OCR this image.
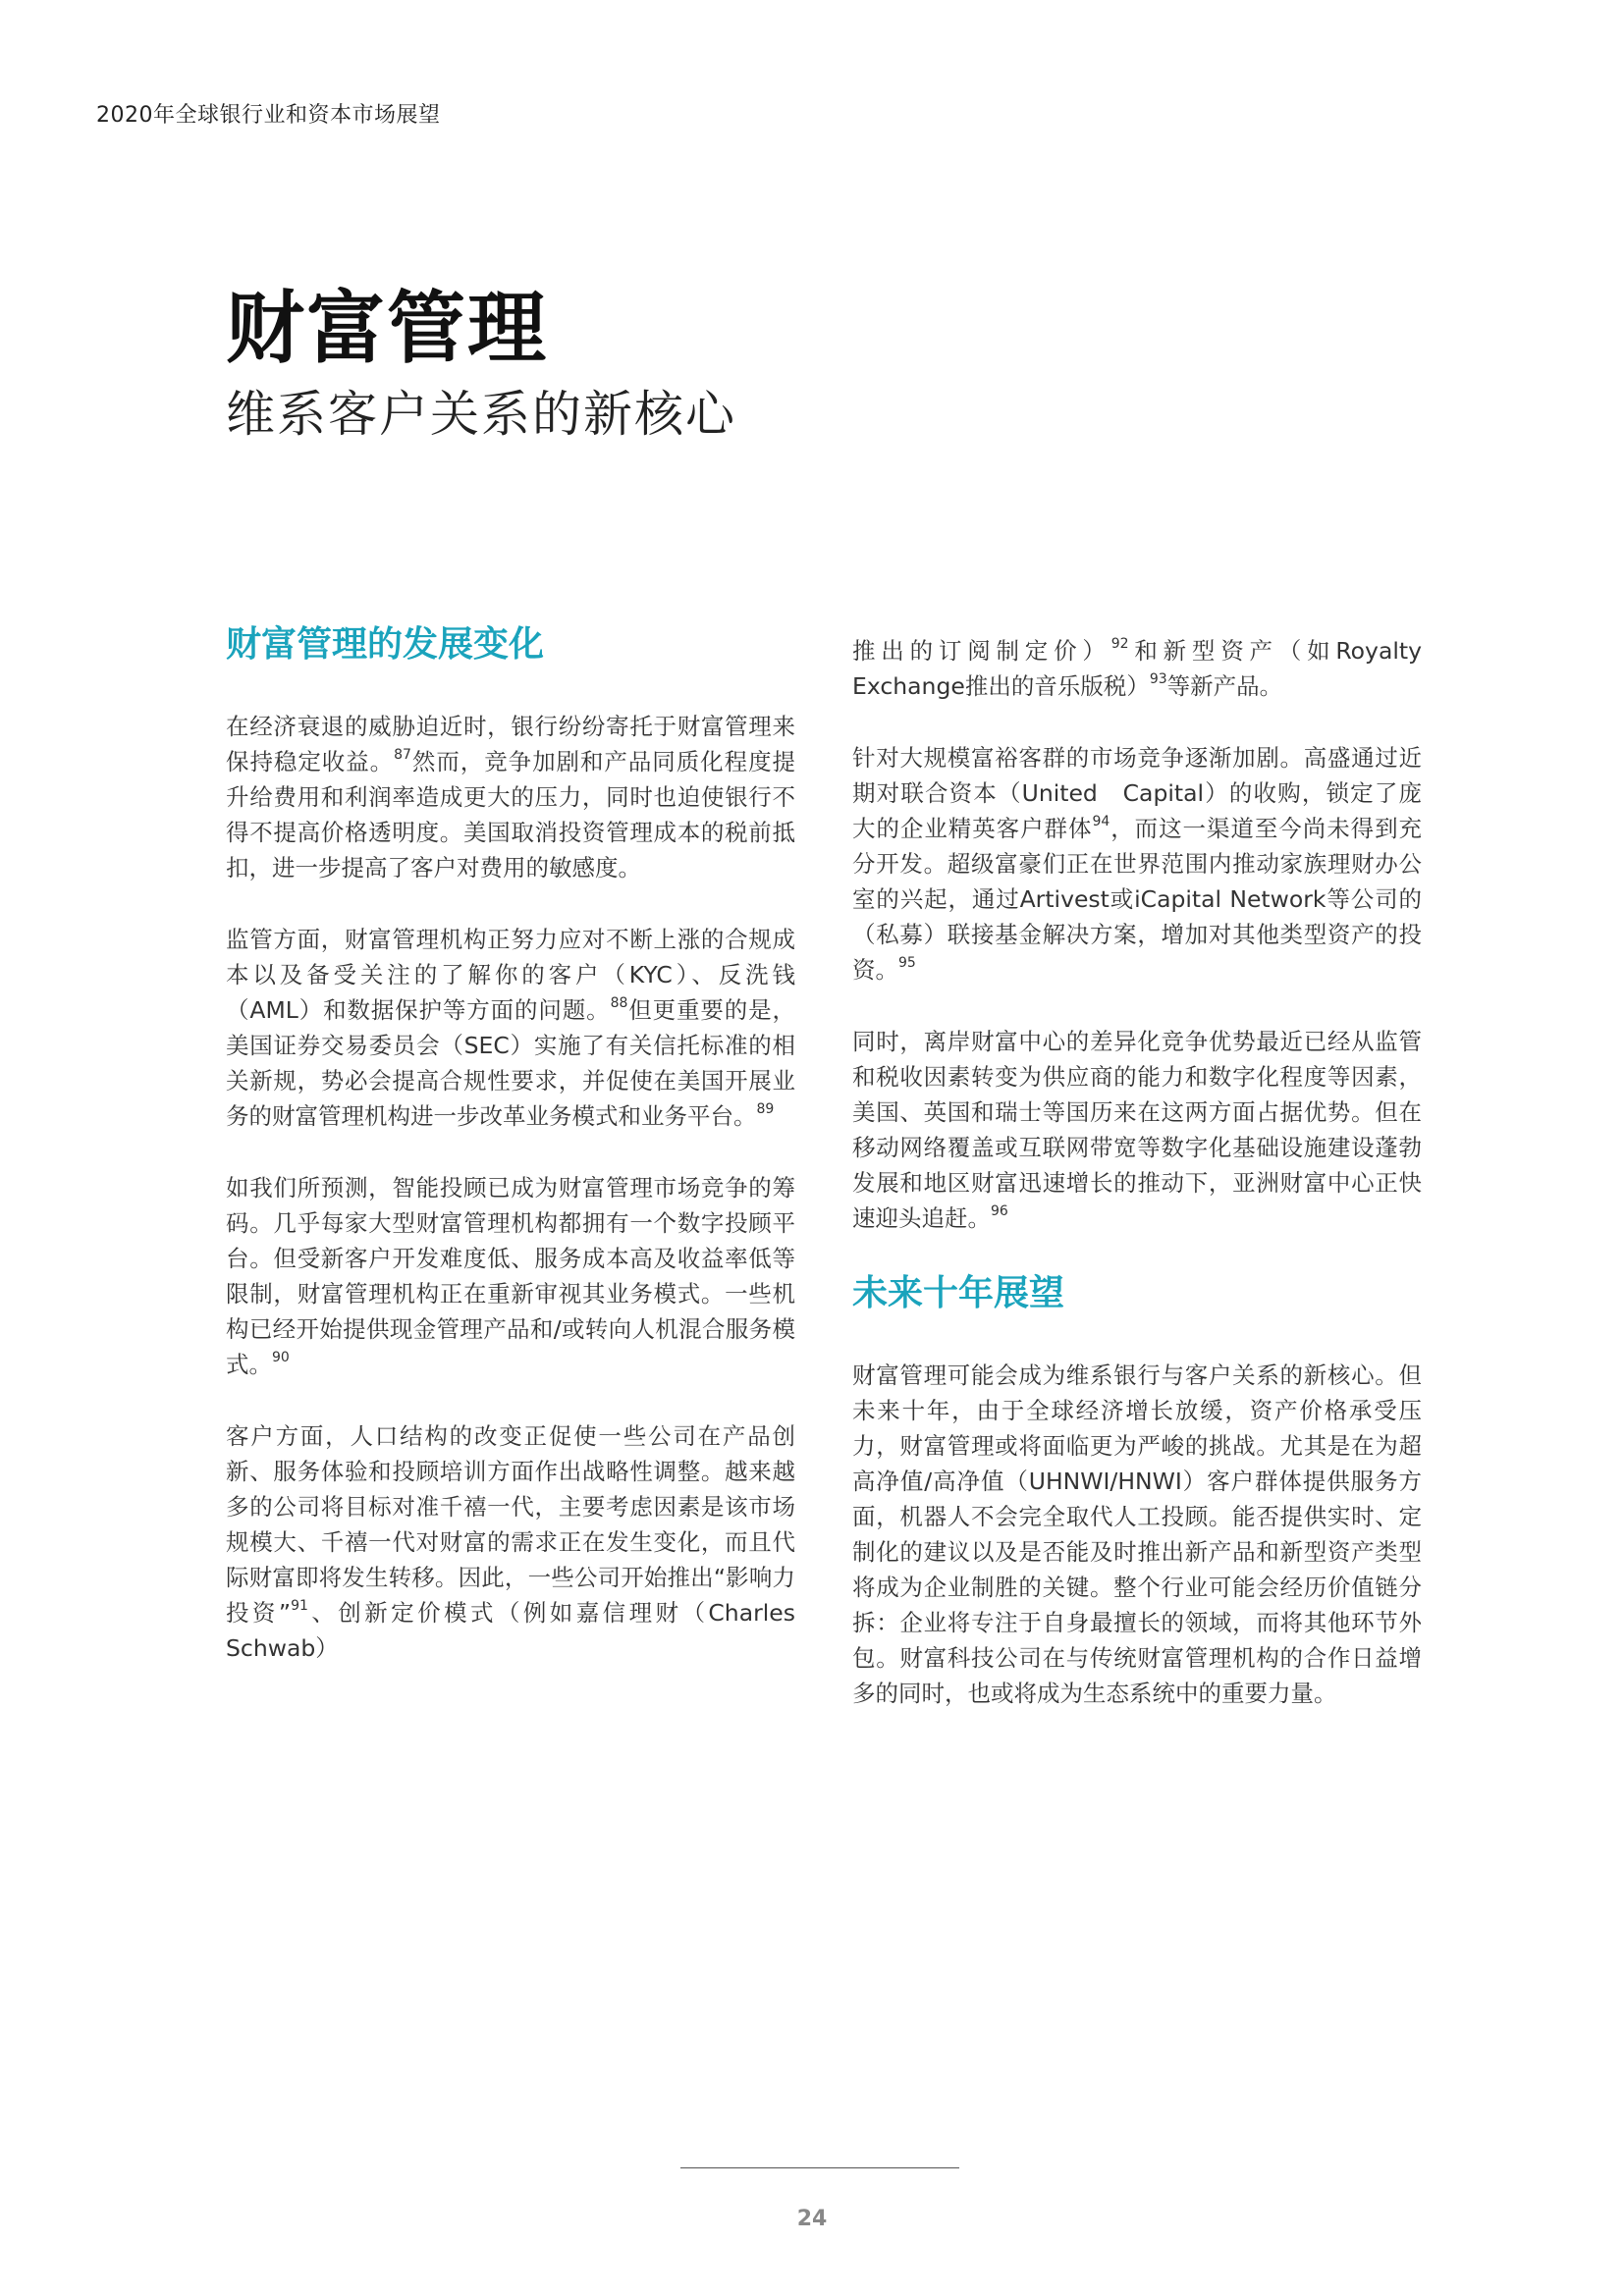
2020年全球银行业和资本市场展望
财富管理
维系客户关系的新核心
财富管理的发展变化

在经济衰退的威胁迫近时，银行纷纷寄托于财富管理来保持稳定收益。$^{87}$然而，竞争加剧和产品同质化程度提升给费用和利润率造成更大的压力，同时也迫使银行不得不提高价格透明度。美国取消投资管理成本的税前抵扣，进一步提高了客户对费用的敏感度。

监管方面，财富管理机构正努力应对不断上涨的合规成本以及备受关注的了解你的客户（KYC）、反洗钱（AML）和数据保护等方面的问题。$^{88}$但更重要的是，美国证券交易委员会（SEC）实施了有关信托标准的相关新规，势必会提高合规性要求，并促使在美国开展业务的财富管理机构进一步改革业务模式和业务平台。$^{89}$

如我们所预测，智能投顾已成为财富管理市场竞争的筹码。几乎每家大型财富管理机构都拥有一个数字投顾平台。但受新客户开发难度低、服务成本高及收益率低等限制，财富管理机构正在重新审视其业务模式。一些机构已经开始提供现金管理产品和/或转向人机混合服务模式。$^{90}$

客户方面，人口结构的改变正促使一些公司在产品创新、服务体验和投顾培训方面作出战略性调整。越来越多的公司将目标对准千禧一代，主要考虑因素是该市场规模大、千禧一代对财富的需求正在发生变化，而且代际财富即将发生转移。因此，一些公司开始推出“影响力投资”$^{91}$、创新定价模式（例如嘉信理财（Charles　Schwab）

推出的订阅制定价）$^{92}$和新型资产（如Royalty Exchange推出的音乐版税）$^{93}$等新产品。

针对大规模富裕客群的市场竞争逐渐加剧。高盛通过近期对联合资本（United　Capital）的收购，锁定了庞大的企业精英客户群体$^{94}$，而这一渠道至今尚未得到充分开发。超级富豪们正在世界范围内推动家族理财办公室的兴起，通过Artivest或iCapital Network等公司的（私募）联接基金解决方案，增加对其他类型资产的投资。$^{95}$

同时，离岸财富中心的差异化竞争优势最近已经从监管和税收因素转变为供应商的能力和数字化程度等因素，美国、英国和瑞士等国历来在这两方面占据优势。但在移动网络覆盖或互联网带宽等数字化基础设施建设蓬勃发展和地区财富迅速增长的推动下，亚洲财富中心正快速迎头追赶。$^{96}$

未来十年展望

财富管理可能会成为维系银行与客户关系的新核心。但未来十年，由于全球经济增长放缓，资产价格承受压力，财富管理或将面临更为严峻的挑战。尤其是在为超高净值/高净值（UHNWI/HNWI）客户群体提供服务方面，机器人不会完全取代人工投顾。能否提供实时、定制化的建议以及是否能及时推出新产品和新型资产类型将成为企业制胜的关键。整个行业可能会经历价值链分拆：企业将专注于自身最擅长的领域，而将其他环节外包。财富科技公司在与传统财富管理机构的合作日益增多的同时，也或将成为生态系统中的重要力量。

24
